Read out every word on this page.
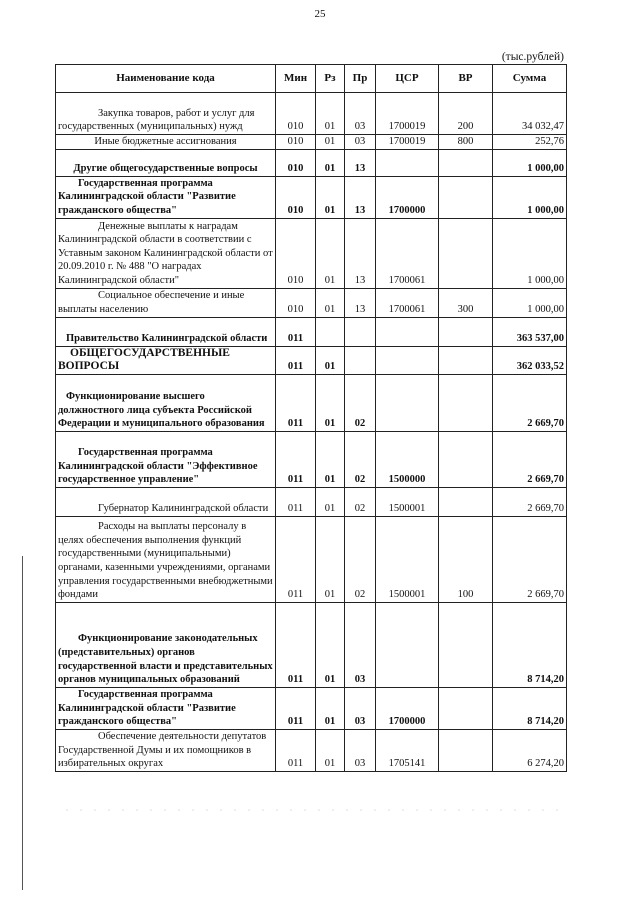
25
(тыс.рублей)
Наименование кода	Мин	Рз	Пр	ЦСР	ВР	Сумма
Закупка товаров, работ и услуг для государственных (муниципальных) нужд	010	01	03	1700019	200	34 032,47
Иные бюджетные ассигнования	010	01	03	1700019	800	252,76
Другие общегосударственные вопросы	010	01	13			1 000,00
Государственная программа Калининградской области "Развитие гражданского общества"	010	01	13	1700000		1 000,00
Денежные выплаты к наградам Калининградской области в соответствии с Уставным законом Калининградской области от 20.09.2010 г. № 488 "О наградах Калининградской области"	010	01	13	1700061		1 000,00
Социальное обеспечение и иные выплаты населению	010	01	13	1700061	300	1 000,00
Правительство Калининградской области	011					363 537,00
ОБЩЕГОСУДАРСТВЕННЫЕ ВОПРОСЫ	011	01				362 033,52
Функционирование высшего должностного лица субъекта Российской Федерации и муниципального образования	011	01	02			2 669,70
Государственная программа Калининградской области "Эффективное государственное управление"	011	01	02	1500000		2 669,70
Губернатор Калининградской области	011	01	02	1500001		2 669,70
Расходы на выплаты персоналу в целях обеспечения выполнения функций государственными (муниципальными) органами, казенными учреждениями, органами управления государственными внебюджетными фондами	011	01	02	1500001	100	2 669,70
Функционирование законодательных (представительных) органов государственной власти и представительных органов муниципальных образований	011	01	03			8 714,20
Государственная программа Калининградской области "Развитие гражданского общества"	011	01	03	1700000		8 714,20
Обеспечение деятельности депутатов Государственной Думы и их помощников в избирательных округах	011	01	03	1705141		6 274,20
